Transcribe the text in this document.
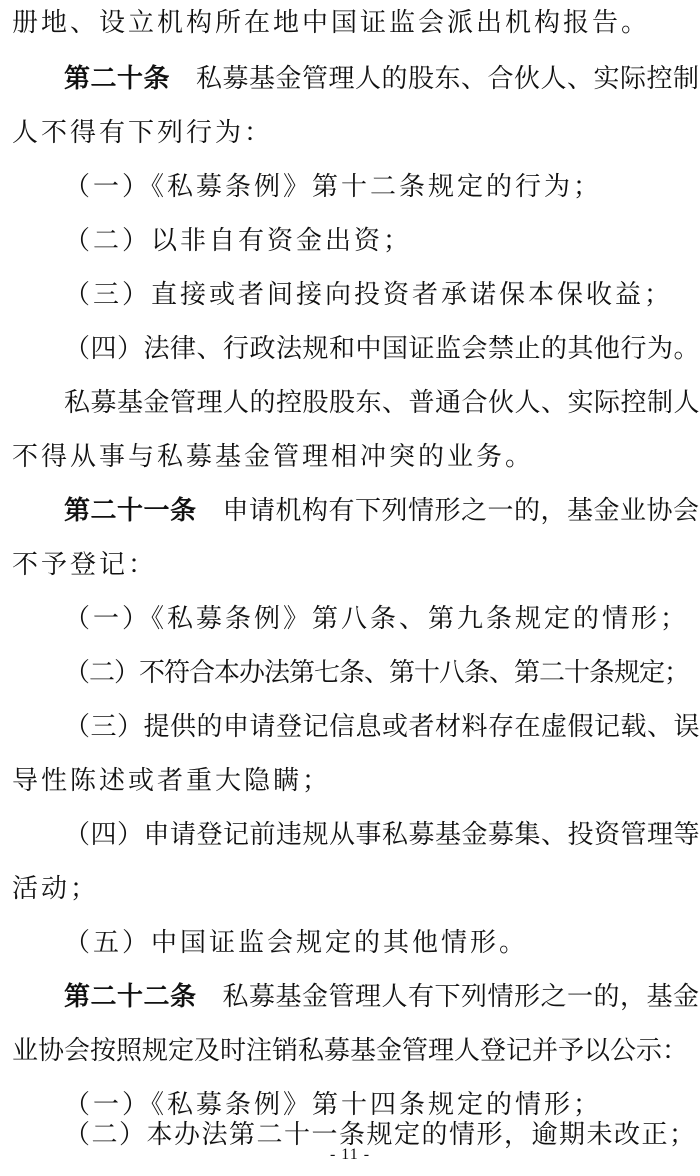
册地、设立机构所在地中国证监会派出机构报告。
第二十条 私募基金管理人的股东、合伙人、实际控制
人不得有下列行为：
（一）《私募条例》第十二条规定的行为；
（二）以非自有资金出资；
（三）直接或者间接向投资者承诺保本保收益；
（四）法律、行政法规和中国证监会禁止的其他行为。
私募基金管理人的控股股东、普通合伙人、实际控制人
不得从事与私募基金管理相冲突的业务。
第二十一条 申请机构有下列情形之一的，基金业协会
不予登记：
（一）《私募条例》第八条、第九条规定的情形；
（二）不符合本办法第七条、第十八条、第二十条规定；
（三）提供的申请登记信息或者材料存在虚假记载、误
导性陈述或者重大隐瞒；
（四）申请登记前违规从事私募基金募集、投资管理等
活动；
（五）中国证监会规定的其他情形。
第二十二条 私募基金管理人有下列情形之一的，基金
业协会按照规定及时注销私募基金管理人登记并予以公示：
（一）《私募条例》第十四条规定的情形；
（二）本办法第二十一条规定的情形，逾期未改正；
- 11 -
